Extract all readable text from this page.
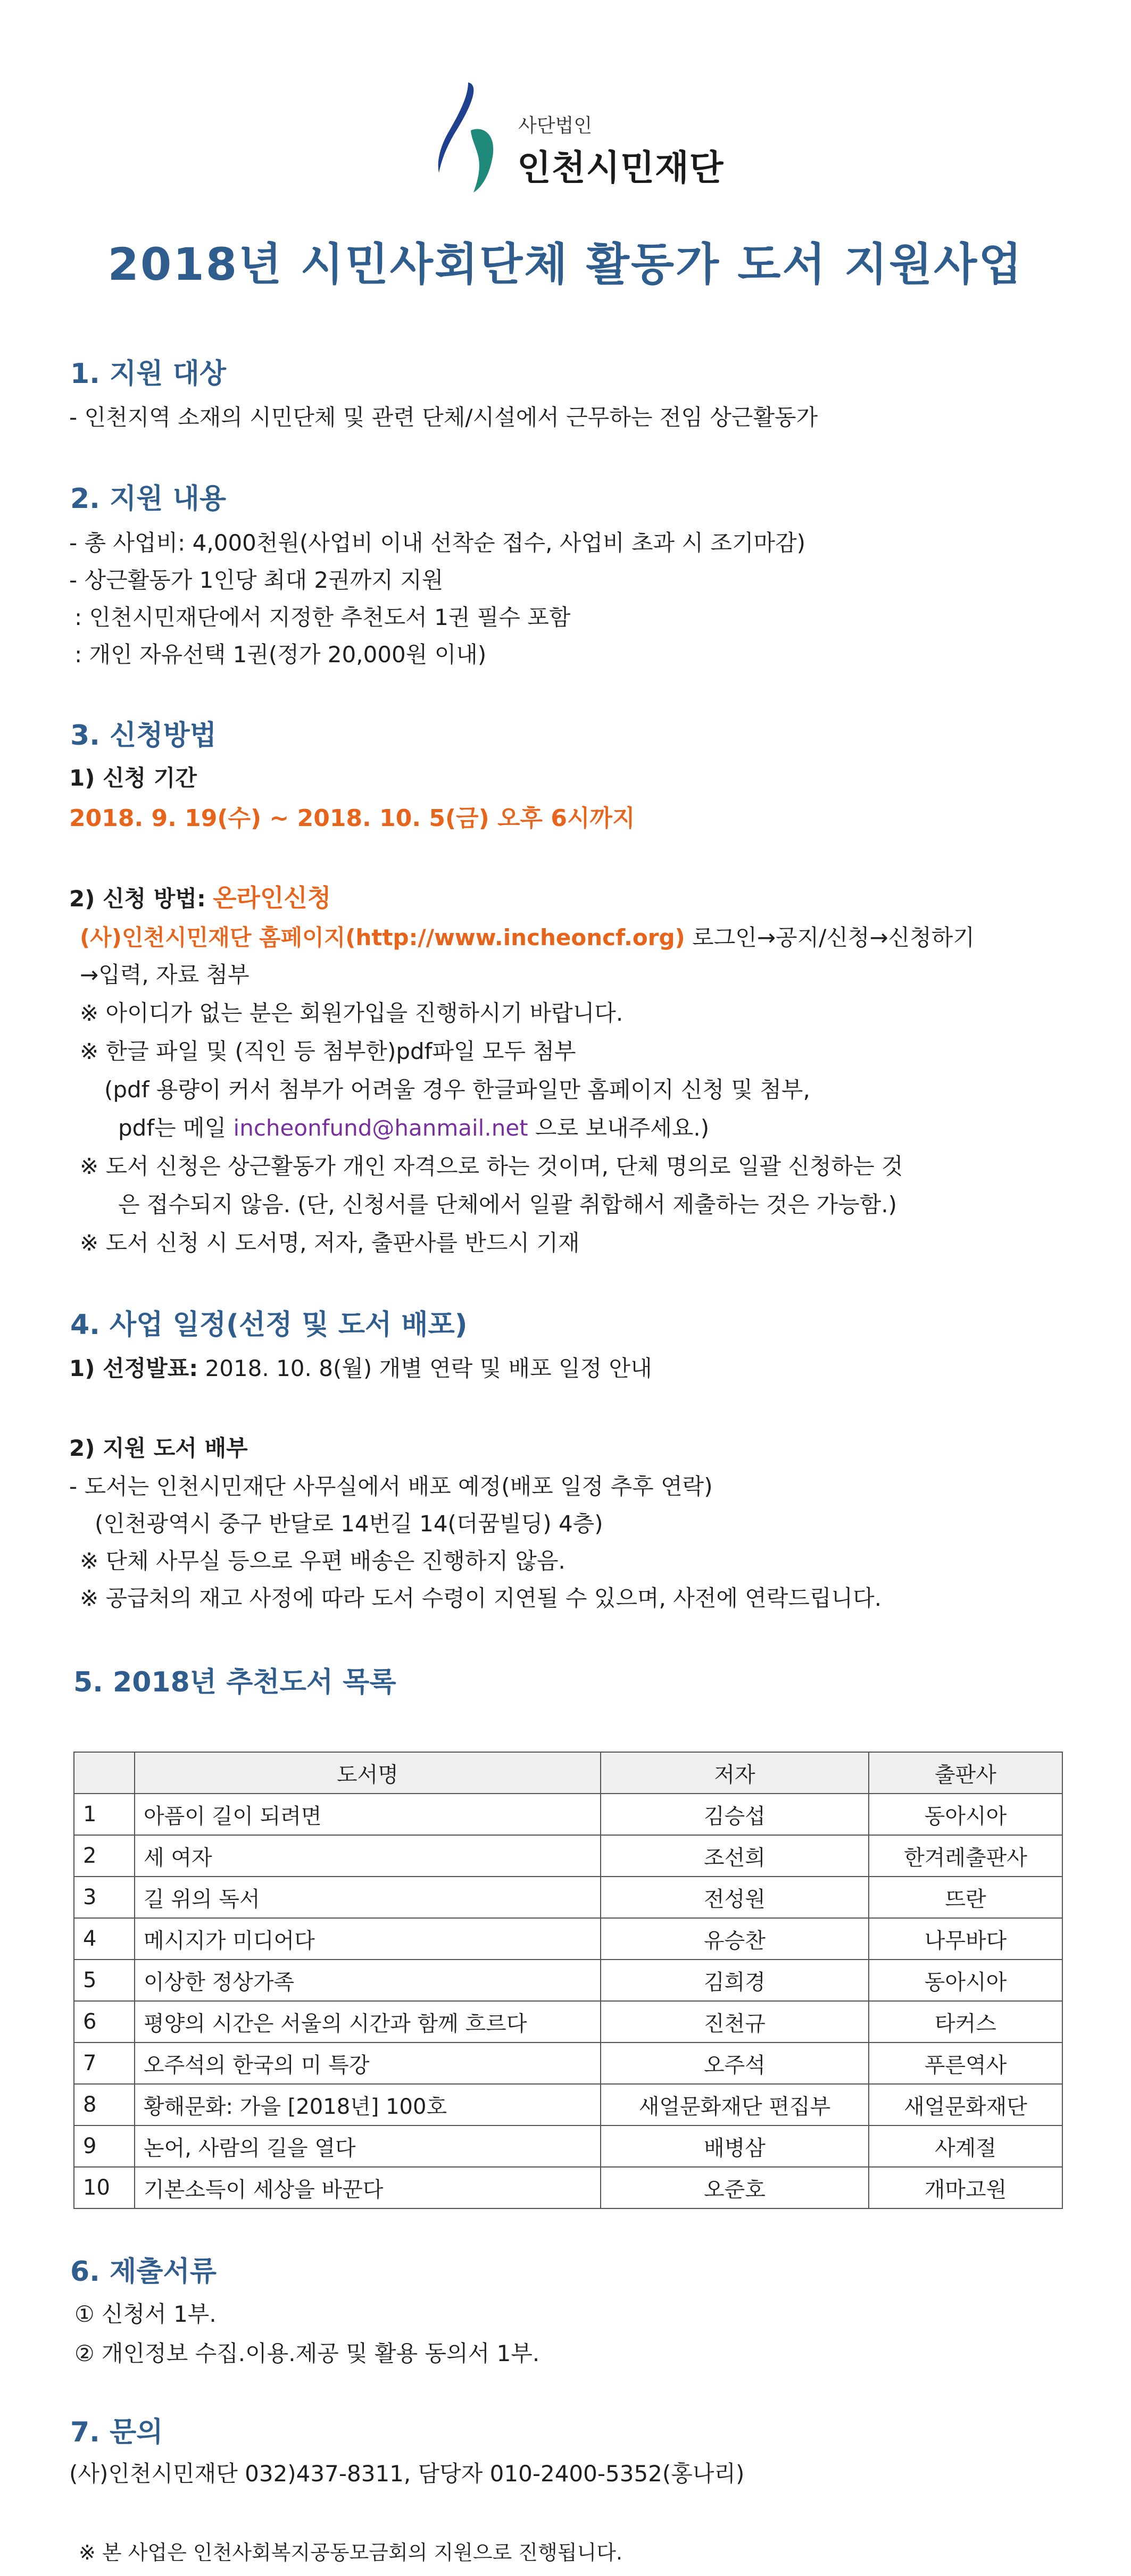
사단법인
인천시민재단
2018년 시민사회단체 활동가 도서 지원사업
1. 지원 대상
- 인천지역 소재의 시민단체 및 관련 단체/시설에서 근무하는 전임 상근활동가
2. 지원 내용
- 총 사업비: 4,000천원(사업비 이내 선착순 접수, 사업비 초과 시 조기마감)
- 상근활동가 1인당 최대 2권까지 지원
: 인천시민재단에서 지정한 추천도서 1권 필수 포함
: 개인 자유선택 1권(정가 20,000원 이내)
3. 신청방법
1) 신청 기간
2018. 9. 19(수) ~ 2018. 10. 5(금) 오후 6시까지
2) 신청 방법: 온라인신청
(사)인천시민재단 홈페이지(http://www.incheoncf.org) 로그인→공지/신청→신청하기
→입력, 자료 첨부
※ 아이디가 없는 분은 회원가입을 진행하시기 바랍니다.
※ 한글 파일 및 (직인 등 첨부한)pdf파일 모두 첨부
(pdf 용량이 커서 첨부가 어려울 경우 한글파일만 홈페이지 신청 및 첨부,
pdf는 메일 incheonfund@hanmail.net 으로 보내주세요.)
※ 도서 신청은 상근활동가 개인 자격으로 하는 것이며, 단체 명의로 일괄 신청하는 것
은 접수되지 않음. (단, 신청서를 단체에서 일괄 취합해서 제출하는 것은 가능함.)
※ 도서 신청 시 도서명, 저자, 출판사를 반드시 기재
4. 사업 일정(선정 및 도서 배포)
1) 선정발표: 2018. 10. 8(월) 개별 연락 및 배포 일정 안내
2) 지원 도서 배부
- 도서는 인천시민재단 사무실에서 배포 예정(배포 일정 추후 연락)
(인천광역시 중구 반달로 14번길 14(더꿈빌딩) 4층)
※ 단체 사무실 등으로 우편 배송은 진행하지 않음.
※ 공급처의 재고 사정에 따라 도서 수령이 지연될 수 있으며, 사전에 연락드립니다.
5. 2018년 추천도서 목록
	도서명	저자	출판사
1	아픔이 길이 되려면	김승섭	동아시아
2	세 여자	조선희	한겨레출판사
3	길 위의 독서	전성원	뜨란
4	메시지가 미디어다	유승찬	나무바다
5	이상한 정상가족	김희경	동아시아
6	평양의 시간은 서울의 시간과 함께 흐르다	진천규	타커스
7	오주석의 한국의 미 특강	오주석	푸른역사
8	황해문화: 가을 [2018년] 100호	새얼문화재단 편집부	새얼문화재단
9	논어, 사람의 길을 열다	배병삼	사계절
10	기본소득이 세상을 바꾼다	오준호	개마고원
6. 제출서류
① 신청서 1부.
② 개인정보 수집.이용.제공 및 활용 동의서 1부.
7. 문의
(사)인천시민재단 032)437-8311, 담당자 010-2400-5352(홍나리)
※ 본 사업은 인천사회복지공동모금회의 지원으로 진행됩니다.
